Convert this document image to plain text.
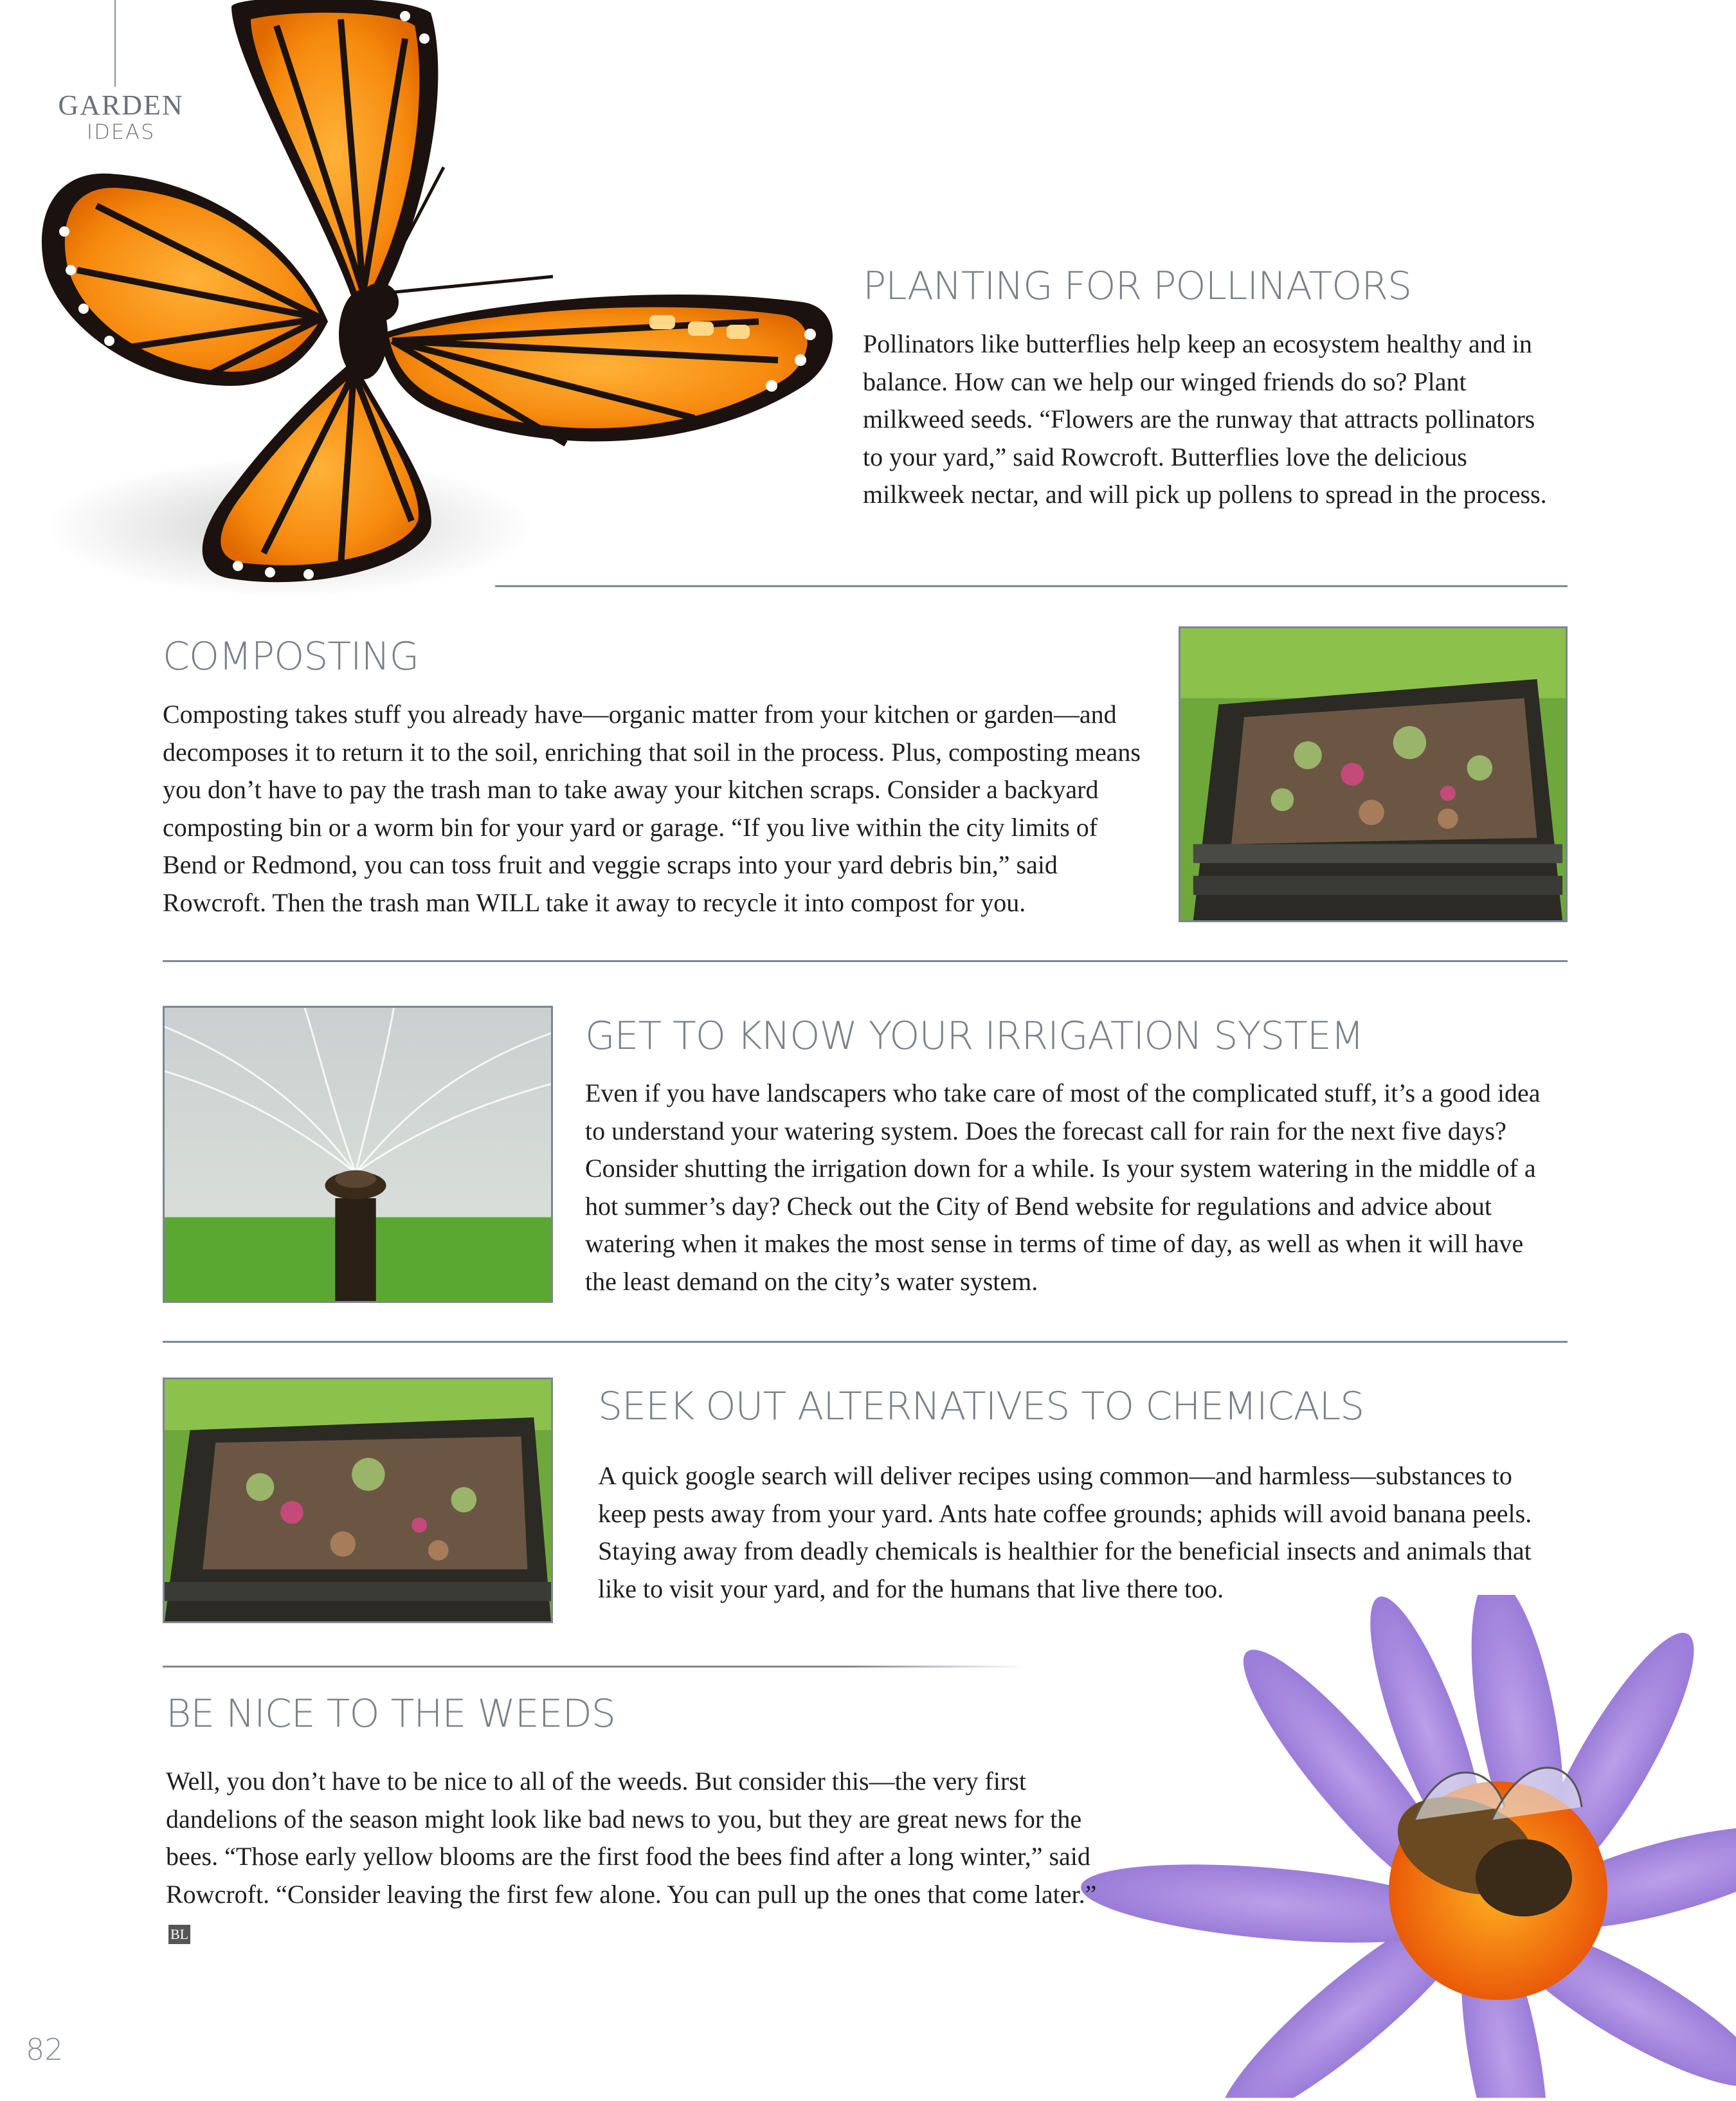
GARDEN
IDEAS
PLANTING FOR POLLINATORS

Pollinators like butterflies help keep an ecosystem healthy and in balance. How can we help our winged friends do so? Plant milkweed seeds. “Flowers are the runway that attracts pollinators to your yard,” said Rowcroft. Butterflies love the delicious milkweek nectar, and will pick up pollens to spread in the process.

COMPOSTING

Composting takes stuff you already have—organic matter from your kitchen or garden—and decomposes it to return it to the soil, enriching that soil in the process. Plus, composting means you don’t have to pay the trash man to take away your kitchen scraps. Consider a backyard composting bin or a worm bin for your yard or garage. “If you live within the city limits of Bend or Redmond, you can toss fruit and veggie scraps into your yard debris bin,” said Rowcroft. Then the trash man WILL take it away to recycle it into compost for you.

GET TO KNOW YOUR IRRIGATION SYSTEM

Even if you have landscapers who take care of most of the complicated stuff, it’s a good idea to understand your watering system. Does the forecast call for rain for the next five days? Consider shutting the irrigation down for a while. Is your system watering in the middle of a hot summer’s day? Check out the City of Bend website for regulations and advice about watering when it makes the most sense in terms of time of day, as well as when it will have the least demand on the city’s water system.

SEEK OUT ALTERNATIVES TO CHEMICALS

A quick google search will deliver recipes using common—and harmless—substances to keep pests away from your yard. Ants hate coffee grounds; aphids will avoid banana peels. Staying away from deadly chemicals is healthier for the beneficial insects and animals that like to visit your yard, and for the humans that live there too.

BE NICE TO THE WEEDS

Well, you don’t have to be nice to all of the weeds. But consider this—the very first dandelions of the season might look like bad news to you, but they are great news for the bees. “Those early yellow blooms are the first food the bees find after a long winter,” said Rowcroft. “Consider leaving the first few alone. You can pull up the ones that come later.”BL

82
